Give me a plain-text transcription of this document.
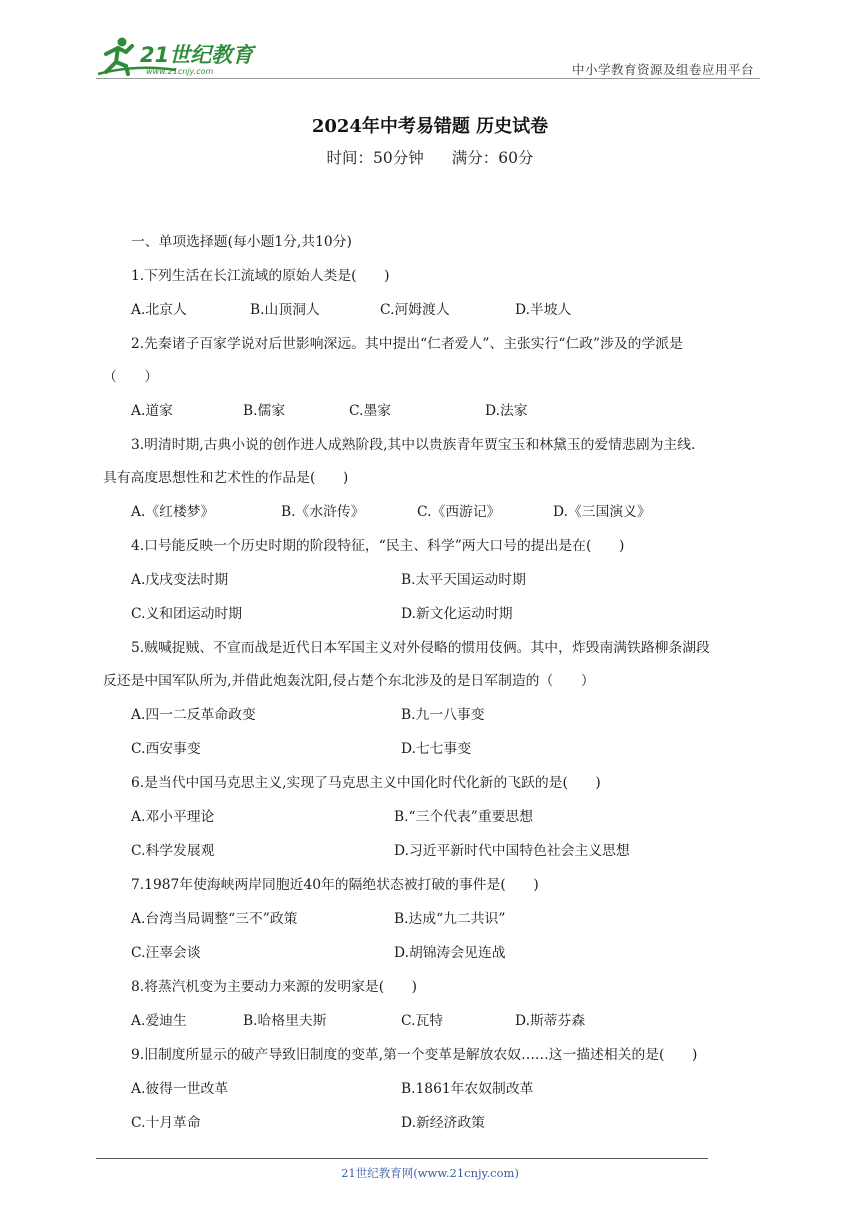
21世纪教育
www.21cnjy.com	中小学教育资源及组卷应用平台
2024年中考易错题 历史试卷
时间：50分钟 满分：60分
一、单项选择题(每小题1分,共10分)
1.下列生活在长江流域的原始人类是(　　)
A.北京人	B.山顶洞人	C.河姆渡人	D.半坡人
2.先秦诸子百家学说对后世影响深远。其中提出“仁者爱人”、主张实行“仁政”涉及的学派是
（　　）
A.道家	B.儒家	C.墨家	D.法家
3.明清时期,古典小说的创作进人成熟阶段,其中以贵族青年贾宝玉和林黛玉的爱情悲剧为主线.
具有高度思想性和艺术性的作品是(　　)
A.《红楼梦》	B.《水浒传》	C.《西游记》	D.《三国演义》
4.口号能反映一个历史时期的阶段特征，“民主、科学”两大口号的提出是在(　　)
A.戊戌变法时期	B.太平天国运动时期
C.义和团运动时期	D.新文化运动时期
5.贼喊捉贼、不宣而战是近代日本军国主义对外侵略的惯用伎俩。其中，炸毁南满铁路柳条湖段
反还是中国军队所为,并借此炮轰沈阳,侵占楚个东北涉及的是日军制造的（　　）
A.四一二反革命政变	B.九一八事变
C.西安事变	D.七七事变
6.是当代中国马克思主义,实现了马克思主义中国化时代化新的飞跃的是(　　)
A.邓小平理论	B.“三个代表”重要思想
C.科学发展观	D.习近平新时代中国特色社会主义思想
7.1987年使海峡两岸同胞近40年的隔绝状态被打破的事件是(　　)
A.台湾当局调整“三不”政策	B.达成“九二共识”
C.汪辜会谈	D.胡锦涛会见连战
8.将蒸汽机变为主要动力来源的发明家是(　　)
A.爱迪生	B.哈格里夫斯	C.瓦特	D.斯蒂芬森
9.旧制度所显示的破产导致旧制度的变革,第一个变革是解放农奴……这一描述相关的是(　　)
A.彼得一世改革	B.1861年农奴制改革
C.十月革命	D.新经济政策
21世纪教育网(www.21cnjy.com)
